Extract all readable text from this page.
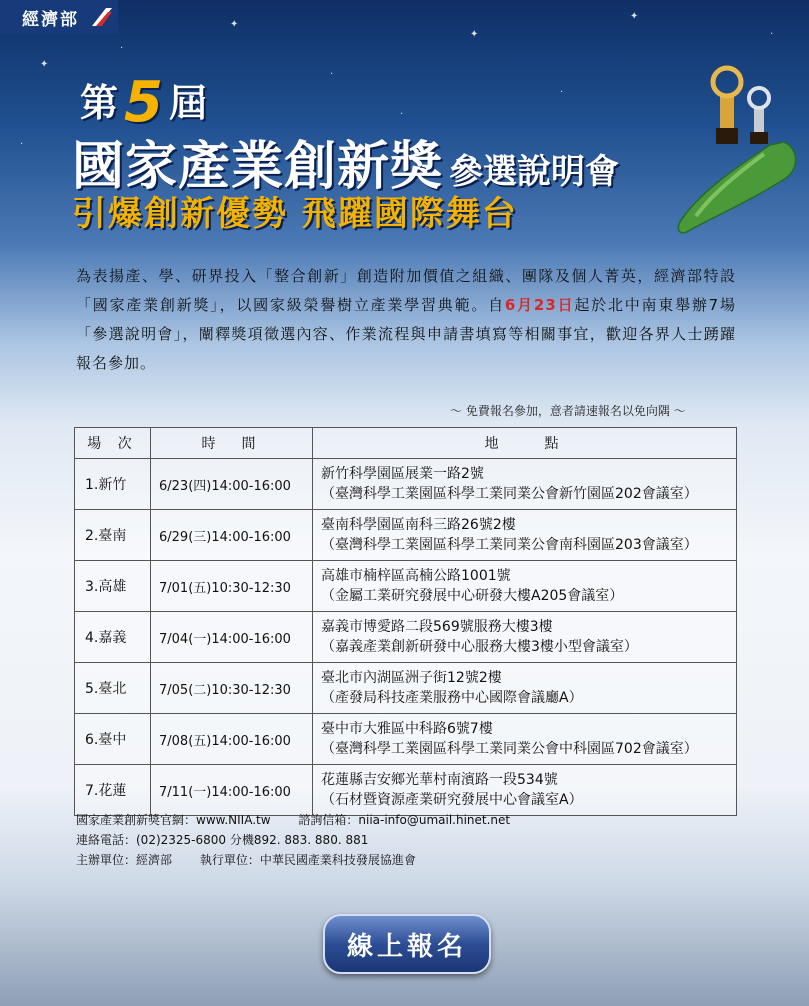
✦
·
✦
·
✦
·
✦
·
·
·
經濟部
第 5 屆
國家產業創新獎 參選說明會
引爆創新優勢 飛躍國際舞台
為表揚產、學、研界投入「整合創新」創造附加價值之組織、團隊及個人菁英，經濟部特設「國家產業創新獎」，以國家級榮譽樹立產業學習典範。自6月23日起於北中南東舉辦7場「參選說明會」，闡釋獎項徵選內容、作業流程與申請書填寫等相關事宜，歡迎各界人士踴躍報名參加。
～ 免費報名參加，意者請速報名以免向隅 ～
場 次	時　間	地　　點
1.新竹	6/23(四)14:00-16:00	新竹科學園區展業一路2號
（臺灣科學工業園區科學工業同業公會新竹園區202會議室）

2.臺南	6/29(三)14:00-16:00	臺南科學園區南科三路26號2樓
（臺灣科學工業園區科學工業同業公會南科園區203會議室）

3.高雄	7/01(五)10:30-12:30	高雄市楠梓區高楠公路1001號
（金屬工業研究發展中心研發大樓A205會議室）

4.嘉義	7/04(一)14:00-16:00	嘉義市博愛路二段569號服務大樓3樓
（嘉義產業創新研發中心服務大樓3樓小型會議室）

5.臺北	7/05(二)10:30-12:30	臺北市內湖區洲子街12號2樓
（產發局科技產業服務中心國際會議廳A）

6.臺中	7/08(五)14:00-16:00	臺中市大雅區中科路6號7樓
（臺灣科學工業園區科學工業同業公會中科園區702會議室）

7.花蓮	7/11(一)14:00-16:00	花蓮縣吉安鄉光華村南濱路一段534號
（石材暨資源產業研究發展中心會議室A）
國家產業創新獎官網：www.NIIA.tw 諮詢信箱：niia-info@umail.hinet.net
連絡電話：(02)2325-6800 分機892. 883. 880. 881
主辦單位：經濟部 執行單位：中華民國產業科技發展協進會
線上報名
